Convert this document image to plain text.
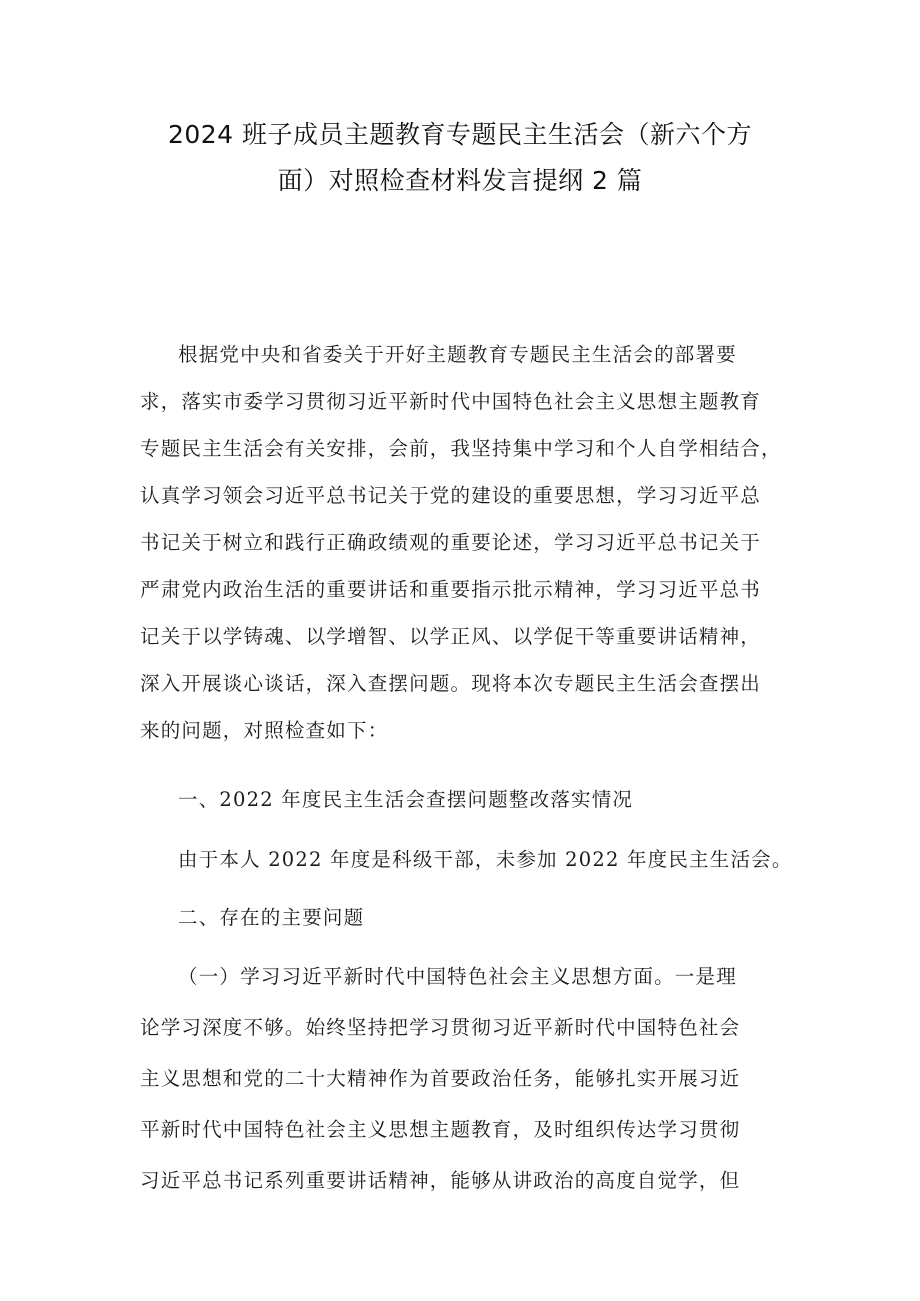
2024 班子成员主题教育专题民主生活会（新六个方
面）对照检查材料发言提纲 2 篇
根据党中央和省委关于开好主题教育专题民主生活会的部署要
求，落实市委学习贯彻习近平新时代中国特色社会主义思想主题教育
专题民主生活会有关安排，会前，我坚持集中学习和个人自学相结合，
认真学习领会习近平总书记关于党的建设的重要思想，学习习近平总
书记关于树立和践行正确政绩观的重要论述，学习习近平总书记关于
严肃党内政治生活的重要讲话和重要指示批示精神，学习习近平总书
记关于以学铸魂、以学增智、以学正风、以学促干等重要讲话精神，
深入开展谈心谈话，深入查摆问题。现将本次专题民主生活会查摆出
来的问题，对照检查如下：
一、2022 年度民主生活会查摆问题整改落实情况
由于本人 2022 年度是科级干部，未参加 2022 年度民主生活会。
二、存在的主要问题
（一）学习习近平新时代中国特色社会主义思想方面。一是理
论学习深度不够。始终坚持把学习贯彻习近平新时代中国特色社会
主义思想和党的二十大精神作为首要政治任务，能够扎实开展习近
平新时代中国特色社会主义思想主题教育，及时组织传达学习贯彻
习近平总书记系列重要讲话精神，能够从讲政治的高度自觉学，但
